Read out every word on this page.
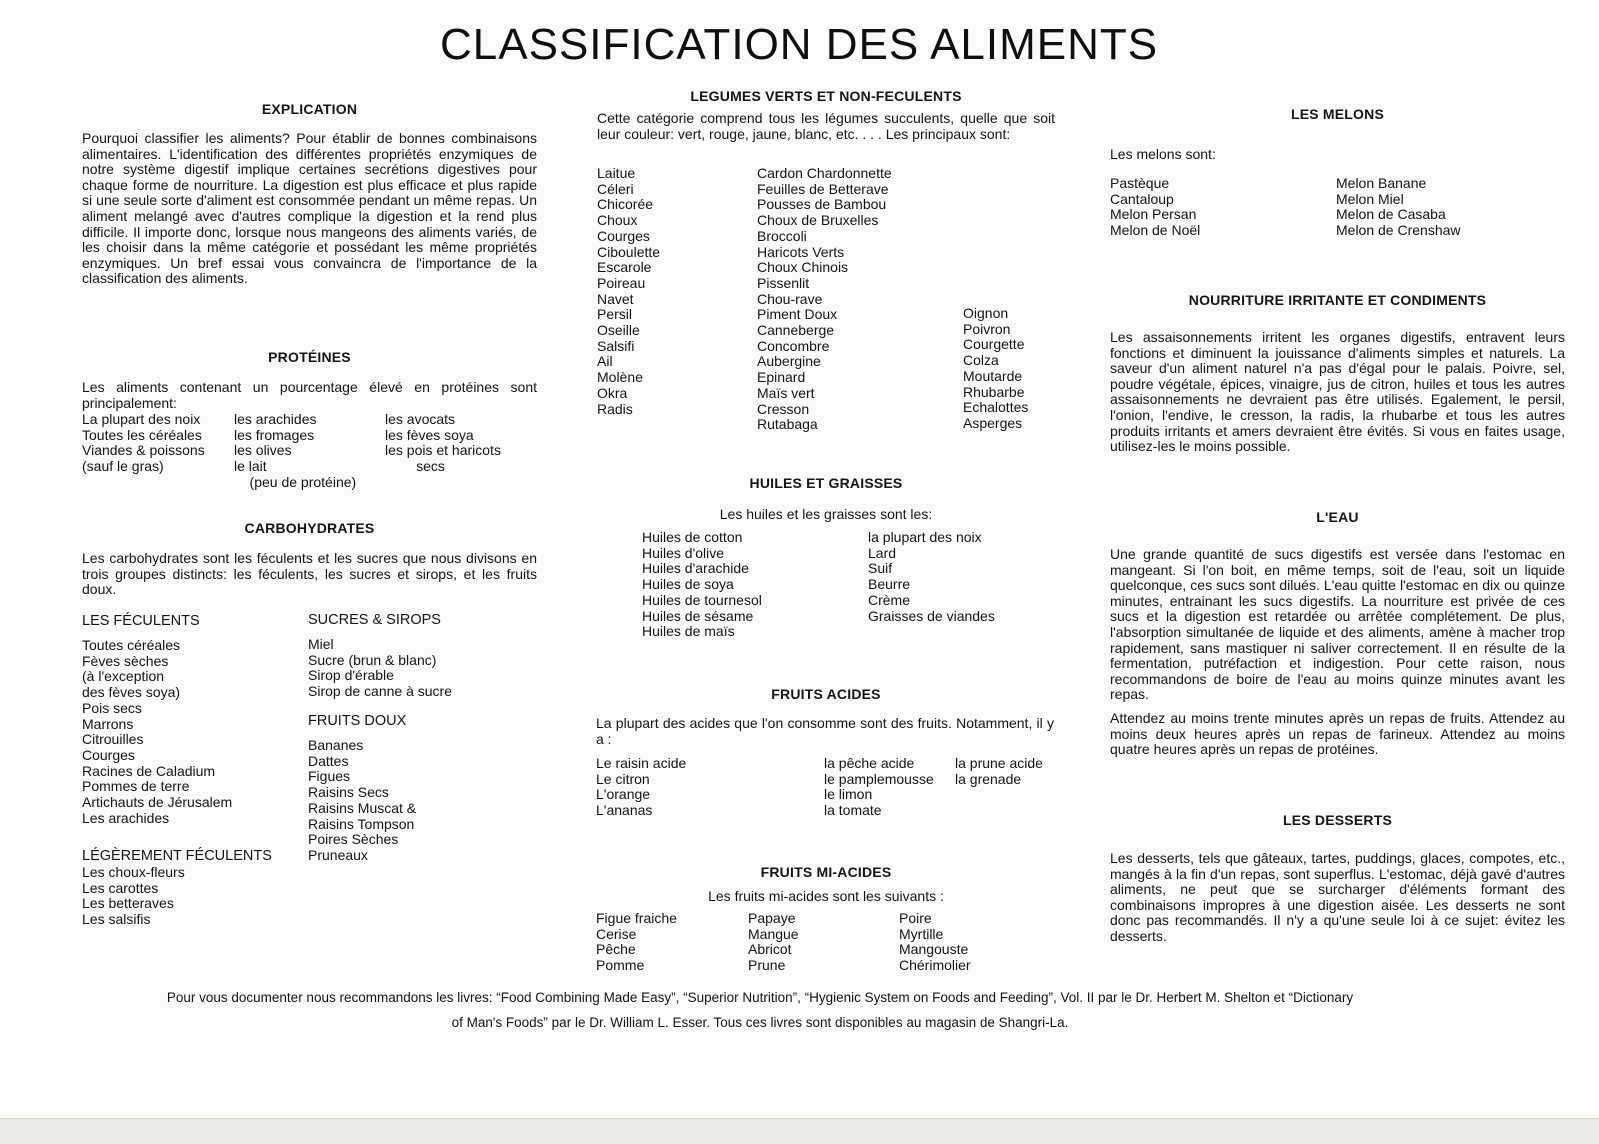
CLASSIFICATION DES ALIMENTS
EXPLICATION
Pourquoi classifier les aliments? Pour établir de bonnes combinaisons alimentaires. L'identification des différentes propriétés enzymiques de notre système digestif implique certaines secrétions digestives pour chaque forme de nourriture. La digestion est plus efficace et plus rapide si une seule sorte d'aliment est consommée pendant un même repas. Un aliment melangé avec d'autres complique la digestion et la rend plus difficile. Il importe donc, lorsque nous mangeons des aliments variés, de les choisir dans la même catégorie et possédant les même propriétés enzymiques. Un bref essai vous convaincra de l'importance de la classification des aliments.
PROTÉINES
Les aliments contenant un pourcentage élevé en protéines sont principalement:
La plupart des noix
Toutes les céréales
Viandes & poissons
(sauf le gras)
les arachides
les fromages
les olives
le lait
(peu de protéine)
les avocats
les fèves soya
les pois et haricots
secs
CARBOHYDRATES
Les carbohydrates sont les féculents et les sucres que nous divisons en trois groupes distincts: les féculents, les sucres et sirops, et les fruits doux.
LES FÉCULENTS
Toutes céréales
Fèves sèches
(à l'exception
des fèves soya)
Pois secs
Marrons
Citrouilles
Courges
Racines de Caladium
Pommes de terre
Artichauts de Jérusalem
Les arachides
LÉGÈREMENT FÉCULENTS
Les choux-fleurs
Les carottes
Les betteraves
Les salsifis
SUCRES & SIROPS
Miel
Sucre (brun & blanc)
Sirop d'érable
Sirop de canne à sucre
FRUITS DOUX
Bananes
Dattes
Figues
Raisins Secs
Raisins Muscat &
Raisins Tompson
Poires Sèches
Pruneaux
LEGUMES VERTS ET NON-FECULENTS
Cette catégorie comprend tous les légumes succulents, quelle que soit leur couleur: vert, rouge, jaune, blanc, etc. . . . Les principaux sont:
Laitue
Céleri
Chicorée
Choux
Courges
Ciboulette
Escarole
Poireau
Navet
Persil
Oseille
Salsifi
Ail
Molène
Okra
Radis
Cardon Chardonnette
Feuilles de Betterave
Pousses de Bambou
Choux de Bruxelles
Broccoli
Haricots Verts
Choux Chinois
Pissenlit
Chou-rave
Piment Doux
Canneberge
Concombre
Aubergine
Epinard
Maïs vert
Cresson
Rutabaga
Oignon
Poivron
Courgette
Colza
Moutarde
Rhubarbe
Echalottes
Asperges
HUILES ET GRAISSES
Les huiles et les graisses sont les:
Huiles de cotton
Huiles d'olive
Huiles d'arachide
Huiles de soya
Huiles de tournesol
Huiles de sésame
Huiles de maïs
la plupart des noix
Lard
Suif
Beurre
Crème
Graisses de viandes
FRUITS ACIDES
La plupart des acides que l'on consomme sont des fruits. Notamment, il y a :
Le raisin acide
Le citron
L'orange
L'ananas
la pêche acide
le pamplemousse
le limon
la tomate
la prune acide
la grenade
FRUITS MI-ACIDES
Les fruits mi-acides sont les suivants :
Figue fraiche
Cerise
Pêche
Pomme
Papaye
Mangue
Abricot
Prune
Poire
Myrtille
Mangouste
Chérimolier
LES MELONS
Les melons sont:
Pastèque
Cantaloup
Melon Persan
Melon de Noël
Melon Banane
Melon Miel
Melon de Casaba
Melon de Crenshaw
NOURRITURE IRRITANTE ET CONDIMENTS
Les assaisonnements irritent les organes digestifs, entravent leurs fonctions et diminuent la jouissance d'aliments simples et naturels. La saveur d'un aliment naturel n'a pas d'égal pour le palais. Poivre, sel, poudre végétale, épices, vinaigre, jus de citron, huiles et tous les autres assaisonnements ne devraient pas être utilisés. Egalement, le persil, l'onion, l'endive, le cresson, la radis, la rhubarbe et tous les autres produits irritants et amers devraient être évités. Si vous en faites usage, utilisez-les le moins possible.
L'EAU
Une grande quantité de sucs digestifs est versée dans l'estomac en mangeant. Si l'on boit, en même temps, soit de l'eau, soit un liquide quelconque, ces sucs sont dilués. L'eau quitte l'estomac en dix ou quinze minutes, entrainant les sucs digestifs. La nourriture est privée de ces sucs et la digestion est retardée ou arrêtée complétement. De plus, l'absorption simultanée de liquide et des aliments, amène à macher trop rapidement, sans mastiquer ni saliver correctement. Il en résulte de la fermentation, putréfaction et indigestion. Pour cette raison, nous recommandons de boire de l'eau au moins quinze minutes avant les repas.
Attendez au moins trente minutes après un repas de fruits. Attendez au moins deux heures après un repas de farineux. Attendez au moins quatre heures après un repas de protéines.
LES DESSERTS
Les desserts, tels que gâteaux, tartes, puddings, glaces, compotes, etc., mangés à la fin d'un repas, sont superflus. L'estomac, déjà gavé d'autres aliments, ne peut que se surcharger d'éléments formant des combinaisons impropres à une digestion aisée. Les desserts ne sont donc pas recommandés. Il n'y a qu'une seule loi à ce sujet: évitez les desserts.
Pour vous documenter nous recommandons les livres: “Food Combining Made Easy”, “Superior Nutrition”, “Hygienic System on Foods and Feeding”, Vol. II par le Dr. Herbert M. Shelton et “Dictionary
of Man's Foods” par le Dr. William L. Esser. Tous ces livres sont disponibles au magasin de Shangri-La.
